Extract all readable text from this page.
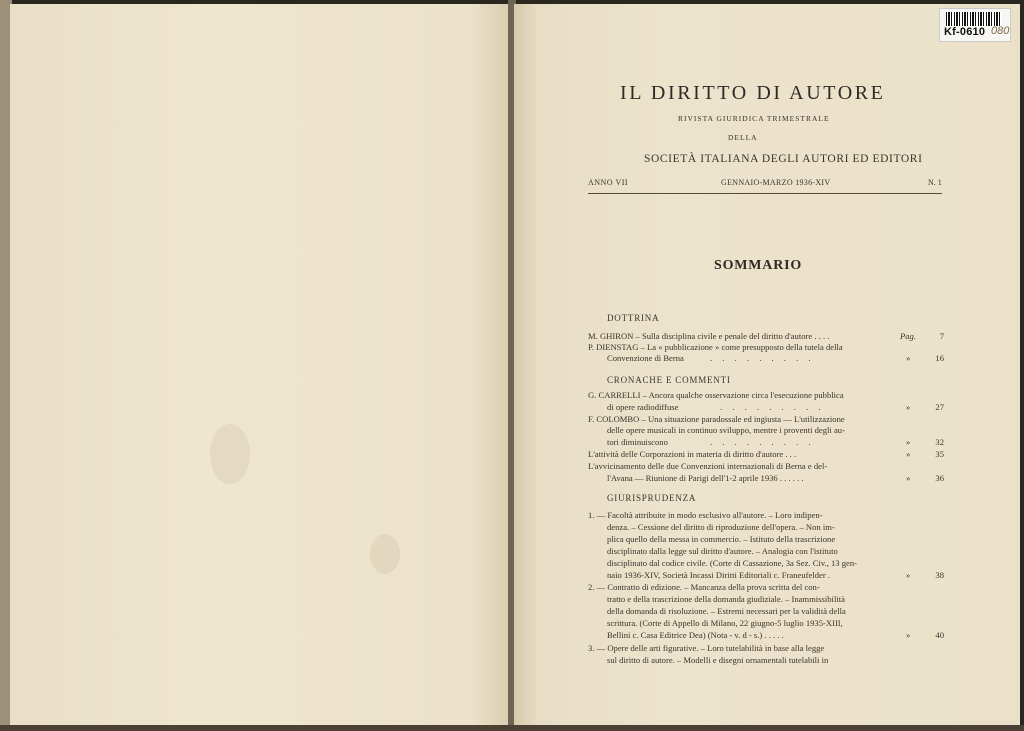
Kf-0610 080
IL DIRITTO DI AUTORE
RIVISTA GIURIDICA TRIMESTRALE
DELLA
SOCIETÀ ITALIANA DEGLI AUTORI ED EDITORI
ANNO VII	GENNAIO-MARZO 1936-XIV	N. 1
SOMMARIO
DOTTRINA
M. GHIRON – Sulla disciplina civile e penale del diritto d'autore . . . .	Pag.	7
P. DIENSTAG – La « pubblicazione » come presupposto della tutela della
Convenzione di Berna	. . . . . . . . .	»	16
CRONACHE E COMMENTI
G. CARRELLI – Ancora qualche osservazione circa l'esecuzione pubblica
di opere radiodiffuse	. . . . . . . . .	»	27
F. COLOMBO – Una situazione paradossale ed ingiusta — L'utilizzazione
delle opere musicali in continuo sviluppo, mentre i proventi degli au-
tori diminuiscono	. . . . . . . . .	»	32
L'attività delle Corporazioni in materia di diritto d'autore . . .	»	35
L'avvicinamento delle due Convenzioni internazionali di Berna e del-
l'Avana — Riunione di Parigi dell'1-2 aprile 1936 . . . . . .	»	36
GIURISPRUDENZA
1. — Facoltà attribuite in modo esclusivo all'autore. – Loro indipen-
denza. – Cessione del diritto di riproduzione dell'opera. – Non im-
plica quello della messa in commercio. – Istituto della trascrizione
disciplinato dalla legge sul diritto d'autore. – Analogia con l'istituto
disciplinato dal codice civile. (Corte di Cassazione, 3a Sez. Civ., 13 gen-
naio 1936-XIV, Società Incassi Diritti Editoriali c. Franeufelder .	»	38
2. — Contratto di edizione. – Mancanza della prova scritta del con-
tratto e della trascrizione della domanda giudiziale. – Inammissibilità
della domanda di risoluzione. – Estremi necessari per la validità della
scrittura. (Corte di Appello di Milano, 22 giugno-5 luglio 1935-XIII,
Bellini c. Casa Editrice Dea) (Nota - v. d - s.) . . . . .	»	40
3. — Opere delle arti figurative. – Loro tutelabilità in base alla legge
sul diritto di autore. – Modelli e disegni ornamentali tutelabili in
